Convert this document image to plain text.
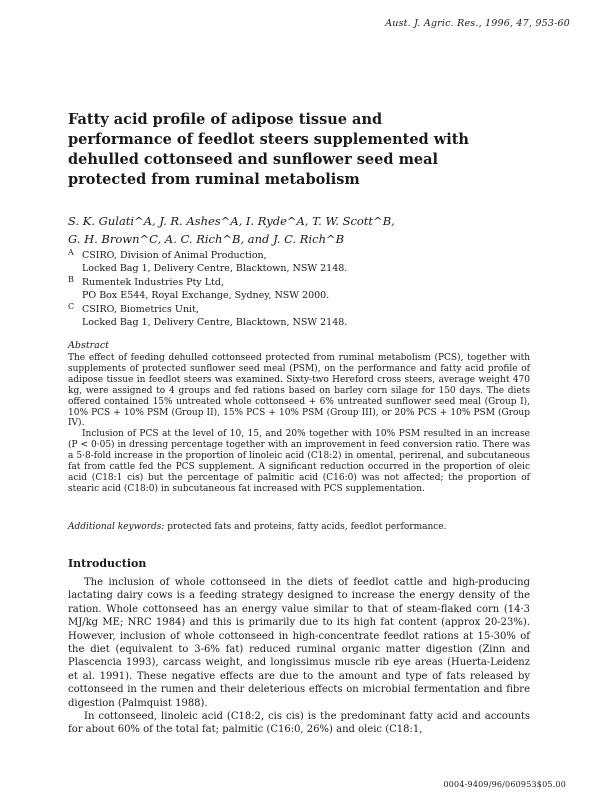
Aust. J. Agric. Res., 1996, 47, 953-60
Fatty acid profile of adipose tissue and
performance of feedlot steers supplemented with
dehulled cottonseed and sunflower seed meal
protected from ruminal metabolism
S. K. Gulati^A, J. R. Ashes^A, I. Ryde^A, T. W. Scott^B,
G. H. Brown^C, A. C. Rich^B, and J. C. Rich^B
A CSIRO, Division of Animal Production,
Locked Bag 1, Delivery Centre, Blacktown, NSW 2148.
B Rumentek Industries Pty Ltd,
PO Box E544, Royal Exchange, Sydney, NSW 2000.
C CSIRO, Biometrics Unit,
Locked Bag 1, Delivery Centre, Blacktown, NSW 2148.
Abstract

The effect of feeding dehulled cottonseed protected from ruminal metabolism (PCS), together with supplements of protected sunflower seed meal (PSM), on the performance and fatty acid profile of adipose tissue in feedlot steers was examined. Sixty-two Hereford cross steers, average weight 470 kg, were assigned to 4 groups and fed rations based on barley corn silage for 150 days. The diets offered contained 15% untreated whole cottonseed + 6% untreated sunflower seed meal (Group I), 10% PCS + 10% PSM (Group II), 15% PCS + 10% PSM (Group III), or 20% PCS + 10% PSM (Group IV).

Inclusion of PCS at the level of 10, 15, and 20% together with 10% PSM resulted in an increase (P < 0·05) in dressing percentage together with an improvement in feed conversion ratio. There was a 5·8-fold increase in the proportion of linoleic acid (C18:2) in omental, perirenal, and subcutaneous fat from cattle fed the PCS supplement. A significant reduction occurred in the proportion of oleic acid (C18:1 cis) but the percentage of palmitic acid (C16:0) was not affected; the proportion of stearic acid (C18:0) in subcutaneous fat increased with PCS supplementation.

Additional keywords: protected fats and proteins, fatty acids, feedlot performance.
Introduction

The inclusion of whole cottonseed in the diets of feedlot cattle and high-producing lactating dairy cows is a feeding strategy designed to increase the energy density of the ration. Whole cottonseed has an energy value similar to that of steam-flaked corn (14·3 MJ/kg ME; NRC 1984) and this is primarily due to its high fat content (approx 20-23%). However, inclusion of whole cottonseed in high-concentrate feedlot rations at 15-30% of the diet (equivalent to 3-6% fat) reduced ruminal organic matter digestion (Zinn and Plascencia 1993), carcass weight, and longissimus muscle rib eye areas (Huerta-Leidenz et al. 1991). These negative effects are due to the amount and type of fats released by cottonseed in the rumen and their deleterious effects on microbial fermentation and fibre digestion (Palmquist 1988).

In cottonseed, linoleic acid (C18:2, cis cis) is the predominant fatty acid and accounts for about 60% of the total fat; palmitic (C16:0, 26%) and oleic (C18:1,

0004-9409/96/060953$05.00
